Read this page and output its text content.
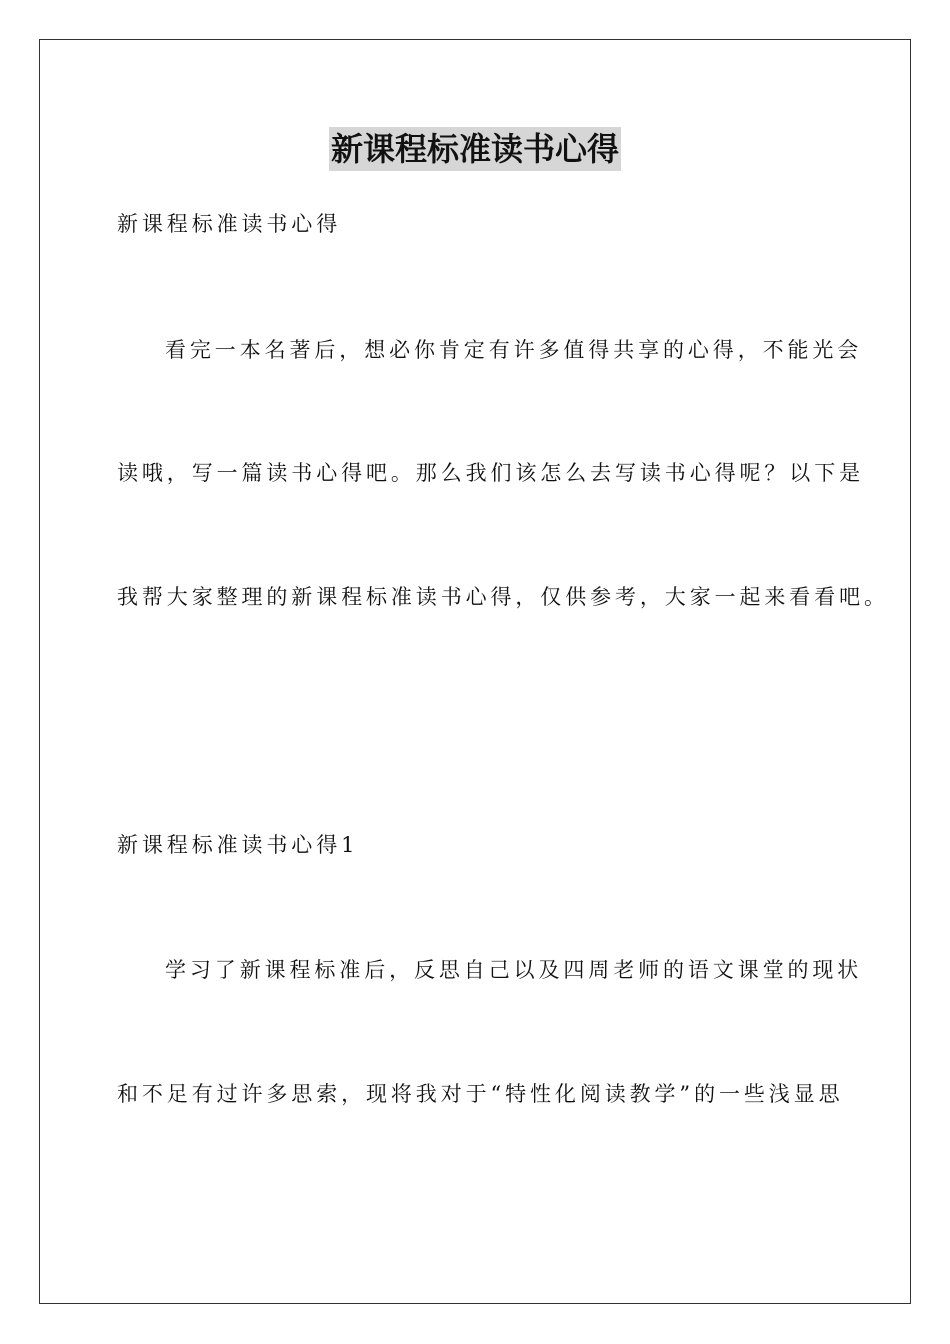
新课程标准读书心得
新课程标准读书心得
看完一本名著后，想必你肯定有许多值得共享的心得，不能光会
读哦，写一篇读书心得吧。那么我们该怎么去写读书心得呢？以下是
我帮大家整理的新课程标准读书心得，仅供参考，大家一起来看看吧。
新课程标准读书心得1
学习了新课程标准后，反思自己以及四周老师的语文课堂的现状
和不足有过许多思索，现将我对于“特性化阅读教学”的一些浅显思
